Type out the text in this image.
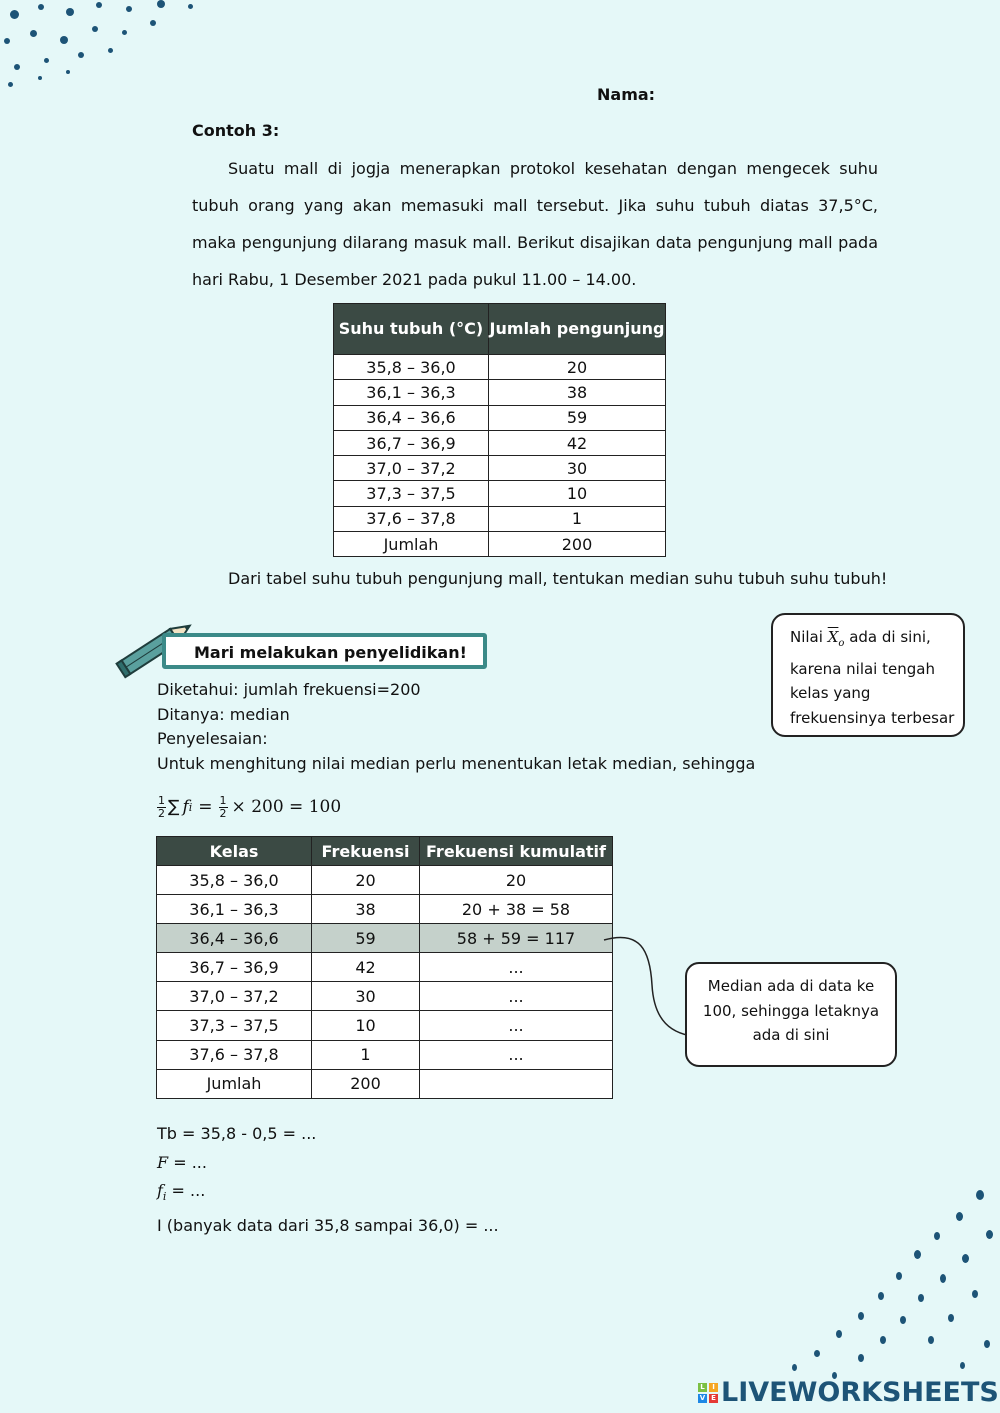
Nama:
Contoh 3:
Suatu mall di jogja menerapkan protokol kesehatan dengan mengecek suhu tubuh orang yang akan memasuki mall tersebut. Jika suhu tubuh diatas 37,5°C, maka pengunjung dilarang masuk mall. Berikut disajikan data pengunjung mall pada hari Rabu, 1 Desember 2021 pada pukul 11.00 – 14.00.
Suhu tubuh (°C)	Jumlah pengunjung
35,8 – 36,0	20
36,1 – 36,3	38
36,4 – 36,6	59
36,7 – 36,9	42
37,0 – 37,2	30
37,3 – 37,5	10
37,6 – 37,8	1
Jumlah	200
Dari tabel suhu tubuh pengunjung mall, tentukan median suhu tubuh suhu tubuh!
Mari melakukan penyelidikan!
Diketahui: jumlah frekuensi=200
Ditanya: median
Penyelesaian:
Untuk menghitung nilai median perlu menentukan letak median, sehingga
$\frac{1}{2}$ ∑ f $i = \frac{1}{2} \times 200 = 100$
Kelas	Frekuensi	Frekuensi kumulatif
35,8 – 36,0	20	20
36,1 – 36,3	38	20 + 38 = 58
36,4 – 36,6	59	58 + 59 = 117
36,7 – 36,9	42	...
37,0 – 37,2	30	...
37,3 – 37,5	10	...
37,6 – 37,8	1	...
Jumlah	200	
Tb = 35,8 - 0,5 = ...
F = ...
$f_i$ = ...
I (banyak data dari 35,8 sampai 36,0) = ...
Nilai $\overline{X}_o$ ada di sini,
karena nilai tengah
kelas yang
frekuensinya terbesar
Median ada di data ke
100, sehingga letaknya
ada di sini
L	I
V E LIVEWORKSHEETS
